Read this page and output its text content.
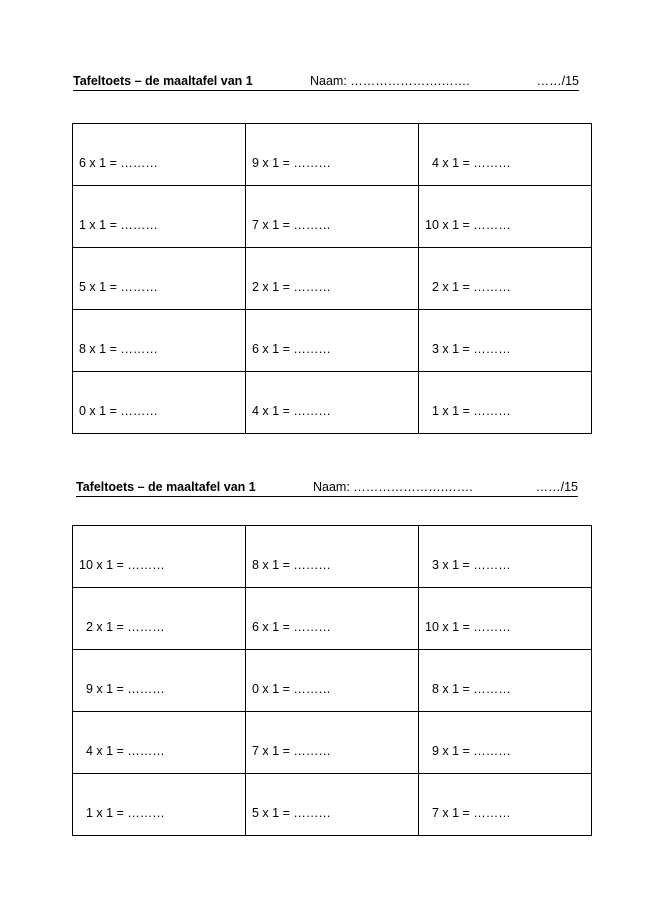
Tafeltoets – de maaltafel van 1	Naam: ………………….…….	……/15
6 x 1 = ………	9 x 1 = ………	4 x 1 = ………
1 x 1 = ………	7 x 1 = ………	10 x 1 = ………
5 x 1 = ………	2 x 1 = ………	2 x 1 = ………
8 x 1 = ………	6 x 1 = ………	3 x 1 = ………
0 x 1 = ………	4 x 1 = ………	1 x 1 = ………
Tafeltoets – de maaltafel van 1	Naam: ………………….…….	……/15
10 x 1 = ………	8 x 1 = ………	3 x 1 = ………
2 x 1 = ………	6 x 1 = ………	10 x 1 = ………
9 x 1 = ………	0 x 1 = ………	8 x 1 = ………
4 x 1 = ………	7 x 1 = ………	9 x 1 = ………
1 x 1 = ………	5 x 1 = ………	7 x 1 = ………
